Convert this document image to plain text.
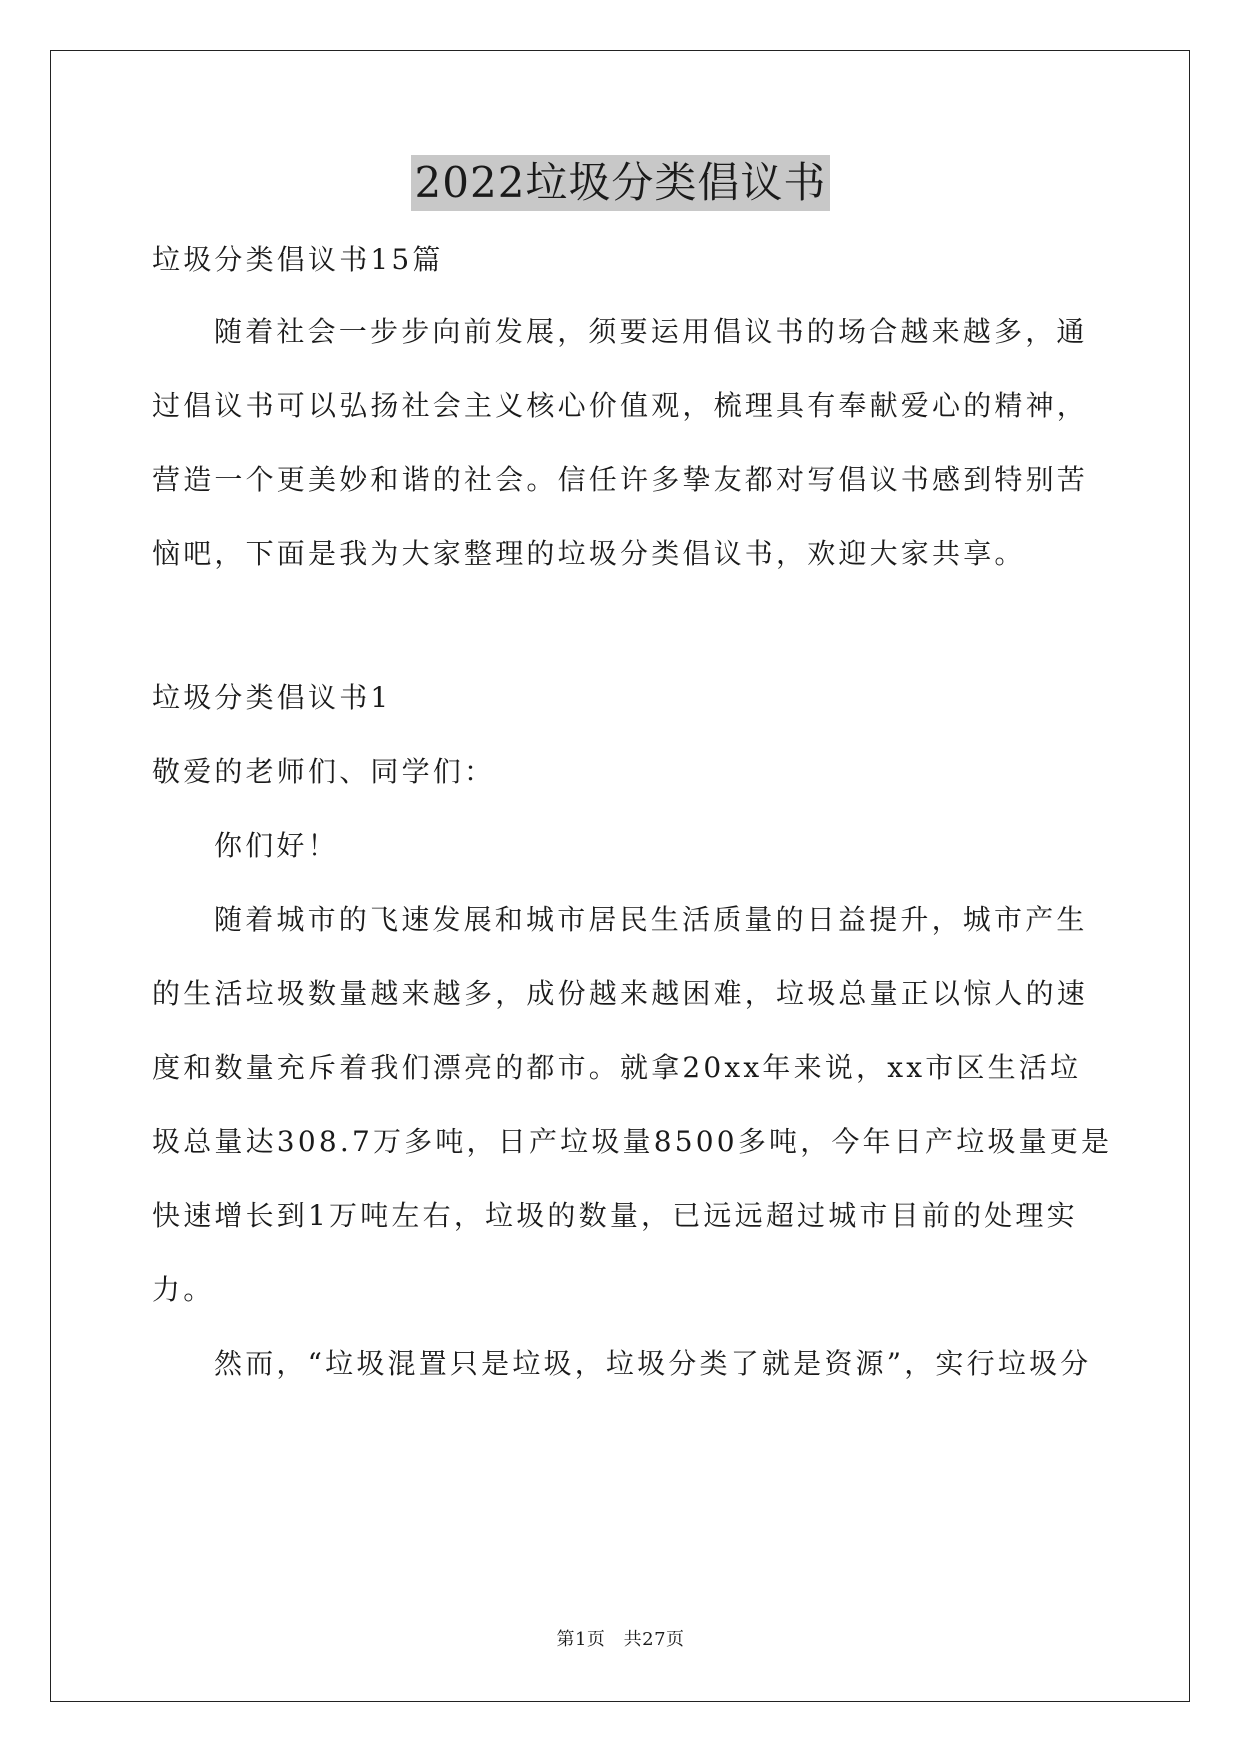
2022垃圾分类倡议书
垃圾分类倡议书15篇
随着社会一步步向前发展，须要运用倡议书的场合越来越多，通
过倡议书可以弘扬社会主义核心价值观，梳理具有奉献爱心的精神，
营造一个更美妙和谐的社会。信任许多挚友都对写倡议书感到特别苦
恼吧，下面是我为大家整理的垃圾分类倡议书，欢迎大家共享。
垃圾分类倡议书1
敬爱的老师们、同学们：
你们好！
随着城市的飞速发展和城市居民生活质量的日益提升，城市产生
的生活垃圾数量越来越多，成份越来越困难，垃圾总量正以惊人的速
度和数量充斥着我们漂亮的都市。就拿20xx年来说，xx市区生活垃
圾总量达308.7万多吨，日产垃圾量8500多吨，今年日产垃圾量更是
快速增长到1万吨左右，垃圾的数量，已远远超过城市目前的处理实
力。
然而，“垃圾混置只是垃圾，垃圾分类了就是资源”，实行垃圾分
第1页 共27页
